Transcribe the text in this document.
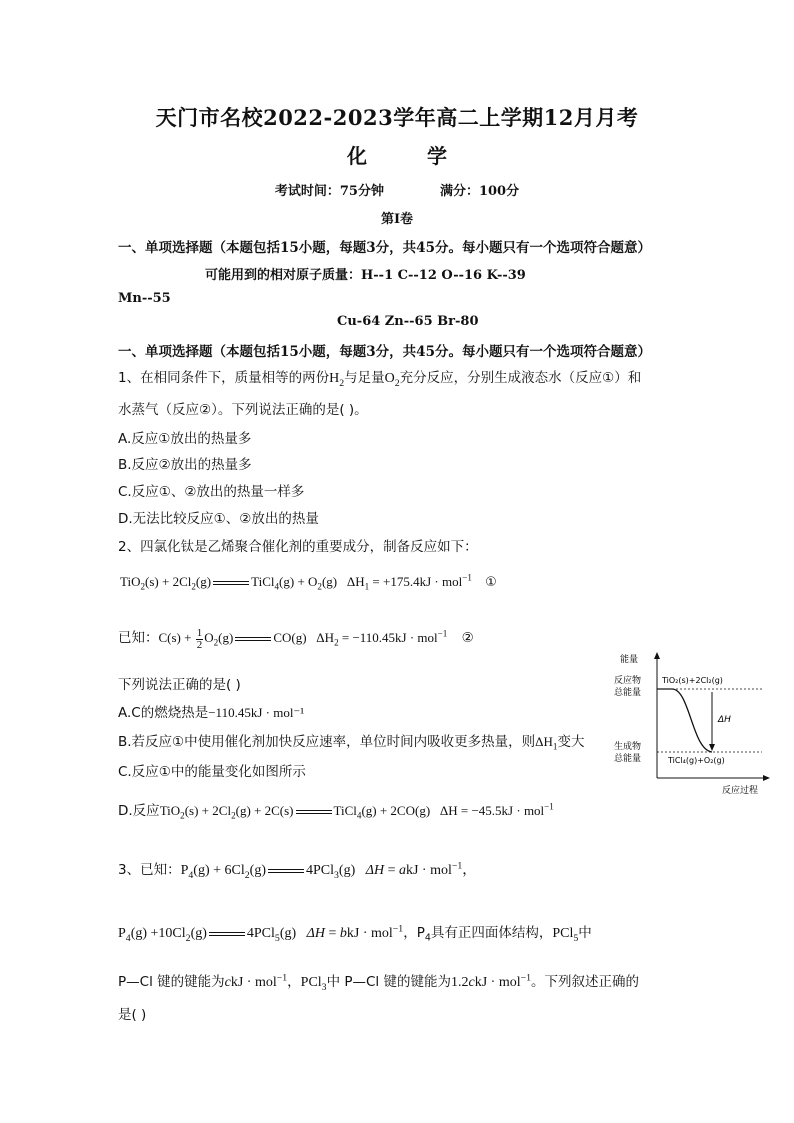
天门市名校2022-2023学年高二上学期12月月考
化	学
考试时间：75分钟	满分：100分
第Ⅰ卷
一、单项选择题（本题包括15小题，每题3分，共45分。每小题只有一个选项符合题意）
可能用到的相对原子质量：H--1 C--12 O--16 K--39
Mn--55
Cu-64 Zn--65 Br-80
一、单项选择题（本题包括15小题，每题3分，共45分。每小题只有一个选项符合题意）
1、在相同条件下，质量相等的两份$H_2$与足量$O_2$充分反应，分别生成液态水（反应①）和
水蒸气（反应②）。下列说法正确的是( )。
A.反应①放出的热量多
B.反应②放出的热量多
C.反应①、②放出的热量一样多
D.无法比较反应①、②放出的热量
2、四氯化钛是乙烯聚合催化剂的重要成分，制备反应如下：
$TiO_2(s) + 2Cl_2(g)$	TiCl$_4$(g) + $O_2(g) \Delta H_1 = +175.4kJ \cdot mol^{-1}$ ①
已知：$C(s) + \frac{1}{2} O_2(g)$	CO(g)   $\Delta H_2 = -110.45kJ \cdot mol^{-1}$ ②
下列说法正确的是( )
A.C的燃烧热是−110.45kJ · mol⁻¹
B.若反应①中使用催化剂加快反应速率，单位时间内吸收更多热量，则$\Delta H_1$变大
C.反应①中的能量变化如图所示
D.反应$TiO_2(s) + 2Cl_2(g) + 2C(s)$	TiCl$_4$(g) + 2CO(g)   ΔH = −45.5kJ · mol$^{-1}$
能量
反应物
总能量
TiO₂(s)+2Cl₂(g)
ΔH
生成物
总能量	TiCl₄(g)+O₂(g)
反应过程
3、已知：$P_4(g) + 6Cl_2(g)$	4PCl$_3$(g)   ΔH = akJ · mol$^{-1}$，
$P_4(g) +10Cl_2(g)$	4PCl$_5$(g)   ΔH = bkJ · mol$^{-1}$，$P_4$具有正四面体结构，PCl$_5$中
P—Cl 键的键能为ckJ · mol$^{-1}$，PCl$_3$中 P—Cl 键的键能为1.2ckJ · mol$^{-1}$。下列叙述正确的
是( )
